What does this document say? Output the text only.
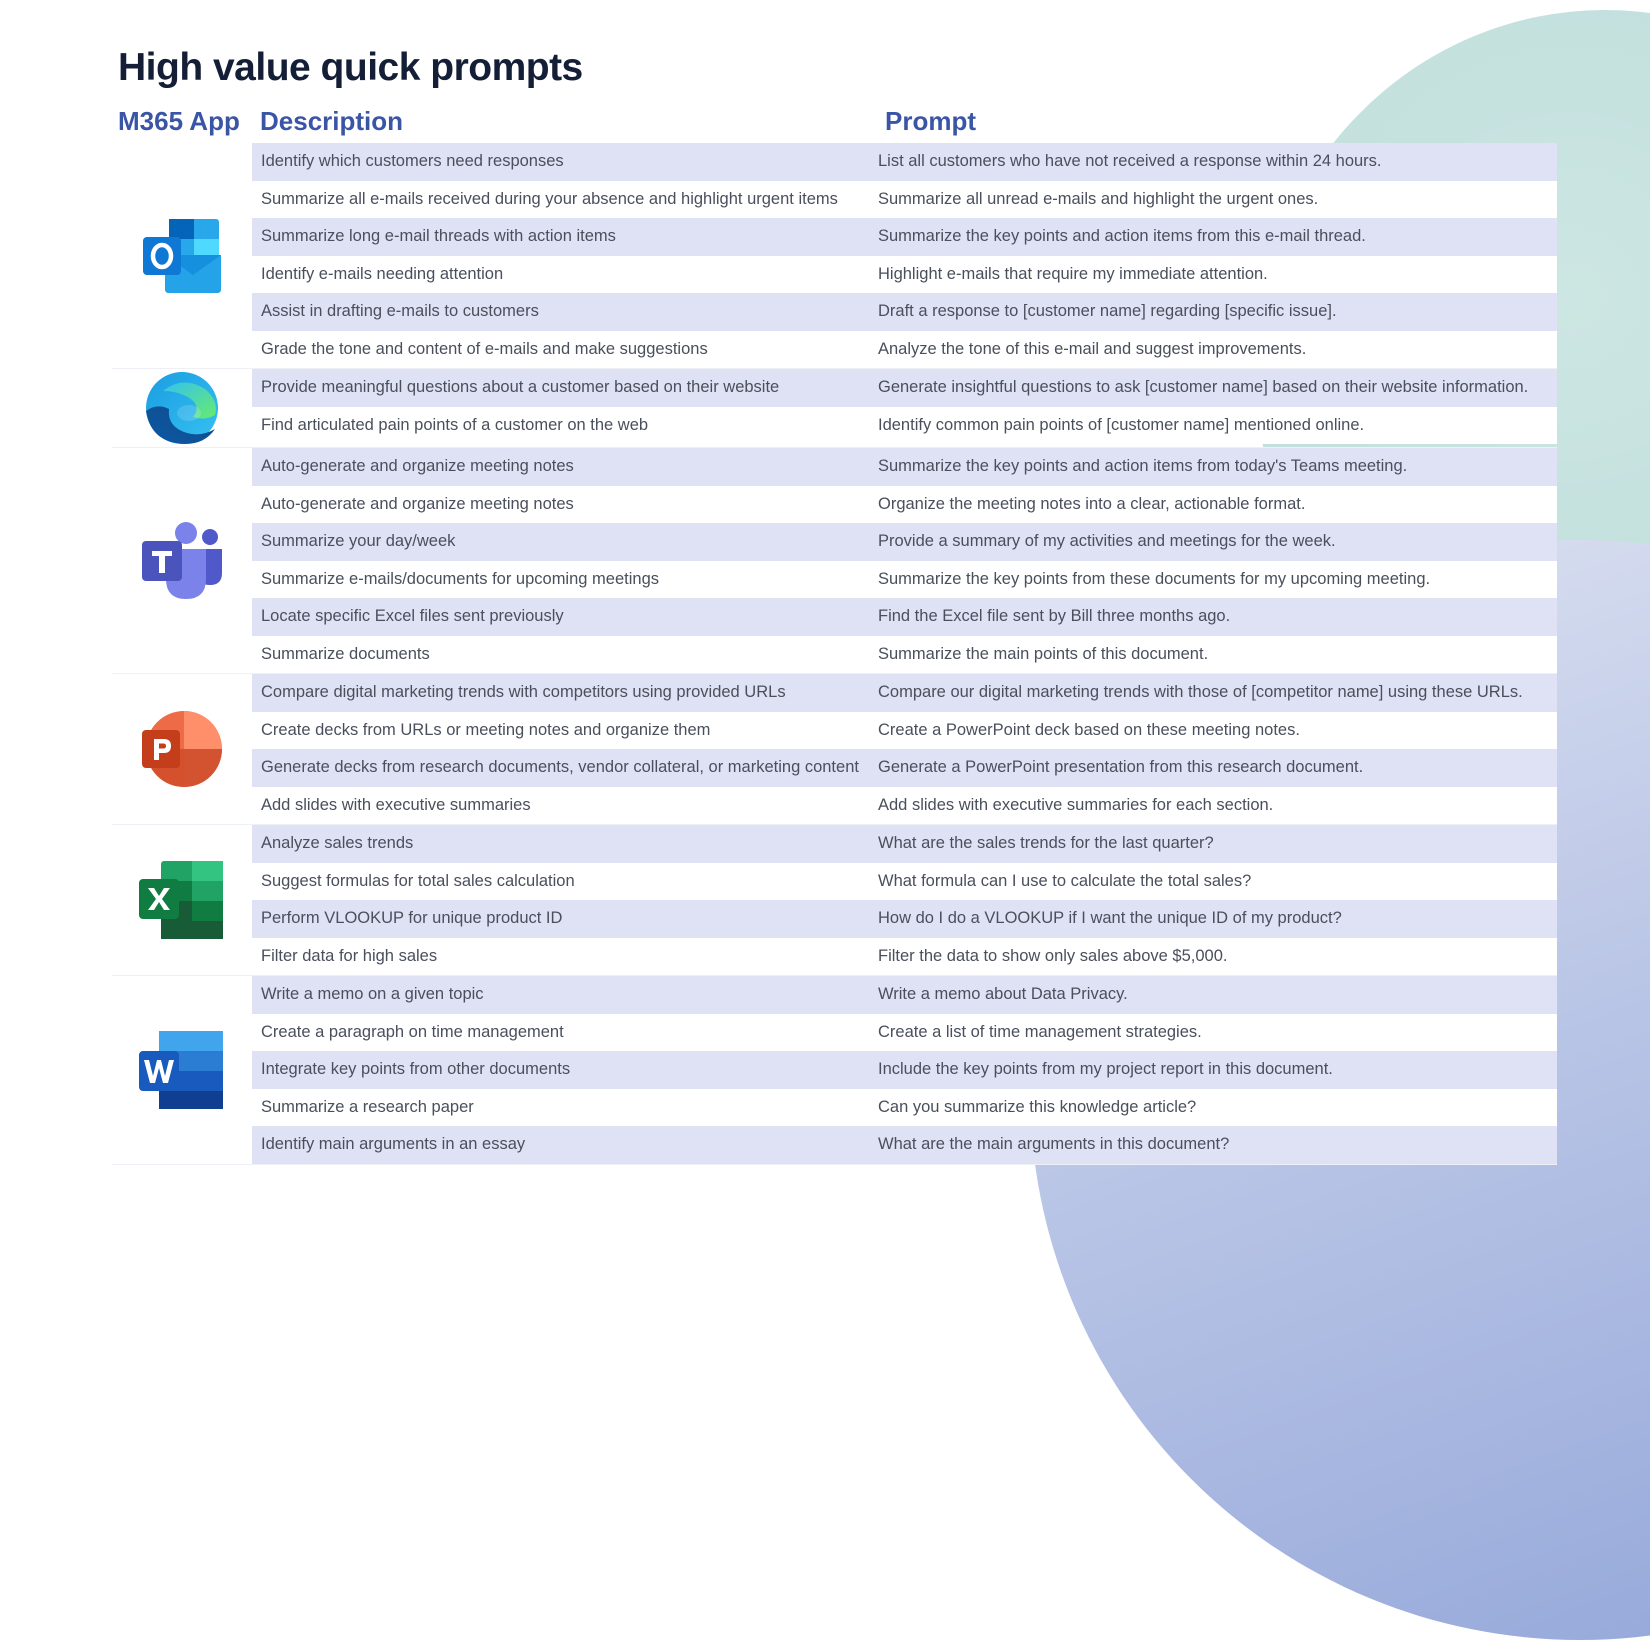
High value quick prompts
M365 App Description	Prompt
Identify which customers need responses	List all customers who have not received a response within 24 hours.
Summarize all e-mails received during your absence and highlight urgent items	Summarize all unread e-mails and highlight the urgent ones.
Summarize long e-mail threads with action items	Summarize the key points and action items from this e-mail thread.
Identify e-mails needing attention	Highlight e-mails that require my immediate attention.
Assist in drafting e-mails to customers	Draft a response to [customer name] regarding [specific issue].
Grade the tone and content of e-mails and make suggestions	Analyze the tone of this e-mail and suggest improvements.
Provide meaningful questions about a customer based on their website	Generate insightful questions to ask [customer name] based on their website information.
Find articulated pain points of a customer on the web	Identify common pain points of [customer name] mentioned online.
Auto-generate and organize meeting notes	Summarize the key points and action items from today's Teams meeting.
Auto-generate and organize meeting notes	Organize the meeting notes into a clear, actionable format.
Summarize your day/week	Provide a summary of my activities and meetings for the week.
Summarize e-mails/documents for upcoming meetings	Summarize the key points from these documents for my upcoming meeting.
Locate specific Excel files sent previously	Find the Excel file sent by Bill three months ago.
Summarize documents	Summarize the main points of this document.
Compare digital marketing trends with competitors using provided URLs	Compare our digital marketing trends with those of [competitor name] using these URLs.
Create decks from URLs or meeting notes and organize them	Create a PowerPoint deck based on these meeting notes.
Generate decks from research documents, vendor collateral, or marketing content	Generate a PowerPoint presentation from this research document.
Add slides with executive summaries	Add slides with executive summaries for each section.
Analyze sales trends	What are the sales trends for the last quarter?
Suggest formulas for total sales calculation	What formula can I use to calculate the total sales?
Perform VLOOKUP for unique product ID	How do I do a VLOOKUP if I want the unique ID of my product?
Filter data for high sales	Filter the data to show only sales above $5,000.
Write a memo on a given topic	Write a memo about Data Privacy.
Create a paragraph on time management	Create a list of time management strategies.
Integrate key points from other documents	Include the key points from my project report in this document.
Summarize a research paper	Can you summarize this knowledge article?
Identify main arguments in an essay	What are the main arguments in this document?
